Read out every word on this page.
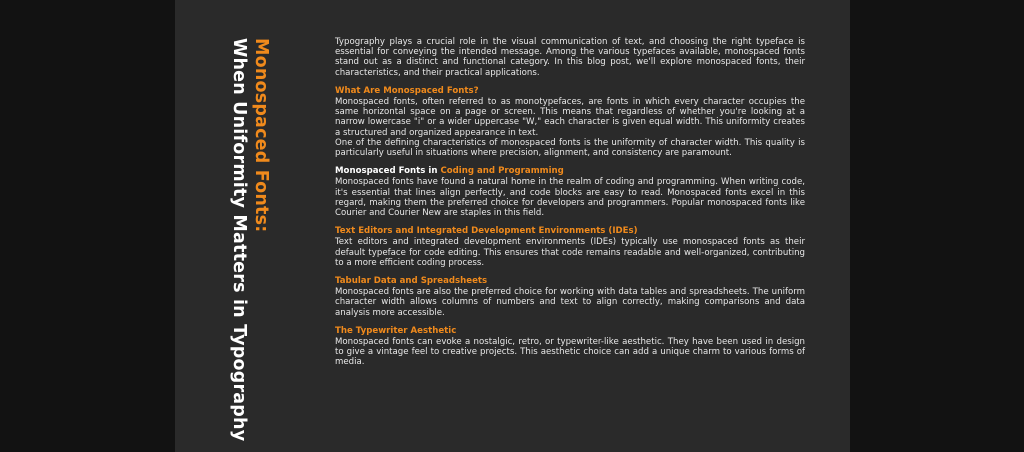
Monospaced Fonts:
When Uniformity Matters in Typography	Typography plays a crucial role in the visual communication of text, and choosing the right typeface is essential for conveying the intended message. Among the various typefaces available, monospaced fonts stand out as a distinct and functional category. In this blog post, we'll explore monospaced fonts, their characteristics, and their practical applications.

What Are Monospaced Fonts?

Monospaced fonts, often referred to as monotypefaces, are fonts in which every character occupies the same horizontal space on a page or screen. This means that regardless of whether you're looking at a narrow lowercase "i" or a wider uppercase "W," each character is given equal width. This uniformity creates a structured and organized appearance in text.

One of the defining characteristics of monospaced fonts is the uniformity of character width. This quality is particularly useful in situations where precision, alignment, and consistency are paramount.

Monospaced Fonts in Coding and Programming

Monospaced fonts have found a natural home in the realm of coding and programming. When writing code, it's essential that lines align perfectly, and code blocks are easy to read. Monospaced fonts excel in this regard, making them the preferred choice for developers and programmers. Popular monospaced fonts like Courier and Courier New are staples in this field.

Text Editors and Integrated Development Environments (IDEs)

Text editors and integrated development environments (IDEs) typically use monospaced fonts as their default typeface for code editing. This ensures that code remains readable and well-organized, contributing to a more efficient coding process.

Tabular Data and Spreadsheets

Monospaced fonts are also the preferred choice for working with data tables and spreadsheets. The uniform character width allows columns of numbers and text to align correctly, making comparisons and data analysis more accessible.

The Typewriter Aesthetic

Monospaced fonts can evoke a nostalgic, retro, or typewriter-like aesthetic. They have been used in design to give a vintage feel to creative projects. This aesthetic choice can add a unique charm to various forms of media.
